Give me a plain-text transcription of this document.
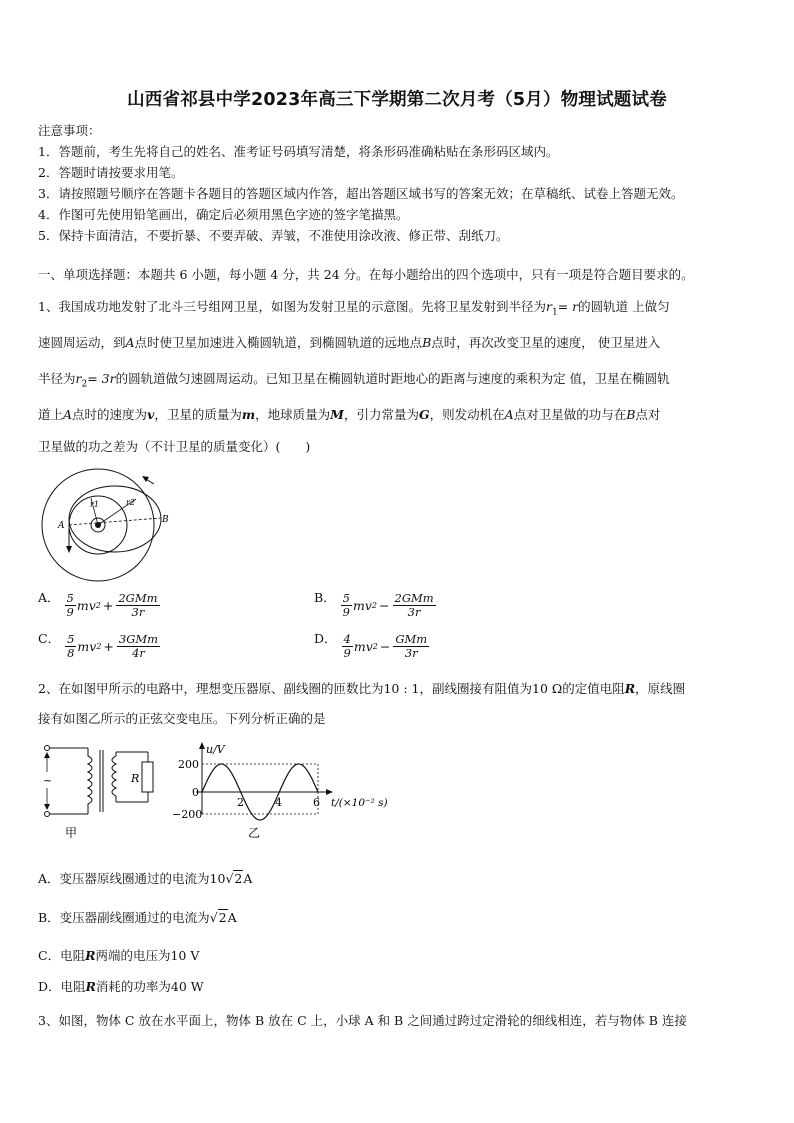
山西省祁县中学2023年高三下学期第二次月考（5月）物理试题试卷
注意事项：
1．答题前，考生先将自己的姓名、准考证号码填写清楚，将条形码准确粘贴在条形码区域内。
2．答题时请按要求用笔。
3．请按照题号顺序在答题卡各题目的答题区域内作答，超出答题区域书写的答案无效；在草稿纸、试卷上答题无效。
4．作图可先使用铅笔画出，确定后必须用黑色字迹的签字笔描黑。
5．保持卡面清洁，不要折暴、不要弄破、弄皱，不准使用涂改液、修正带、刮纸刀。
一、单项选择题：本题共 6 小题，每小题 4 分，共 24 分。在每小题给出的四个选项中，只有一项是符合题目要求的。
1、我国成功地发射了北斗三号组网卫星，如图为发射卫星的示意图。先将卫星发射到半径为$r_1= r$的圆轨道 上做匀
速圆周运动，到A点时使卫星加速进入椭圆轨道，到椭圆轨道的远地点B点时，再次改变卫星的速度， 使卫星进入
半径为$r_2= 3r$的圆轨道做匀速圆周运动。已知卫星在椭圆轨道时距地心的距离与速度的乘积为定 值，卫星在椭圆轨
道上A点时的速度为v，卫星的质量为m，地球质量为M，引力常量为G，则发动机在A点对卫星做的功与在B点对
卫星做的功之差为（不计卫星的质量变化）(　　)
r1	r2
A
B
A． $\frac{5}{9}$ mv $2 + \frac{\text{2GMm}}{3r}$	B． $\frac{5}{9}$ mv $2 - \frac{\text{2GMm}}{3r}$
C． $\frac{5}{8}$ mv $2 + \frac{\text{3GMm}}{4r}$	D． $\frac{4}{9}$ mv $2 - \frac{\text{GMm}}{3r}$
2、在如图甲所示的电路中，理想变压器原、副线圈的匝数比为10 : 1，副线圈接有阻值为10 Ω的定值电阻R，原线圈
接有如图乙所示的正弦交变电压。下列分析正确的是
~	R
甲
u/V
200
0
−200
2	4	6 t/(×10⁻² s)
乙
A．变压器原线圈通过的电流为10√2A
B．变压器副线圈通过的电流为√2A
C．电阻R两端的电压为10 V
D．电阻R消耗的功率为40 W
3、如图，物体 C 放在水平面上，物体 B 放在 C 上，小球 A 和 B 之间通过跨过定滑轮的细线相连，若与物体 B 连接
